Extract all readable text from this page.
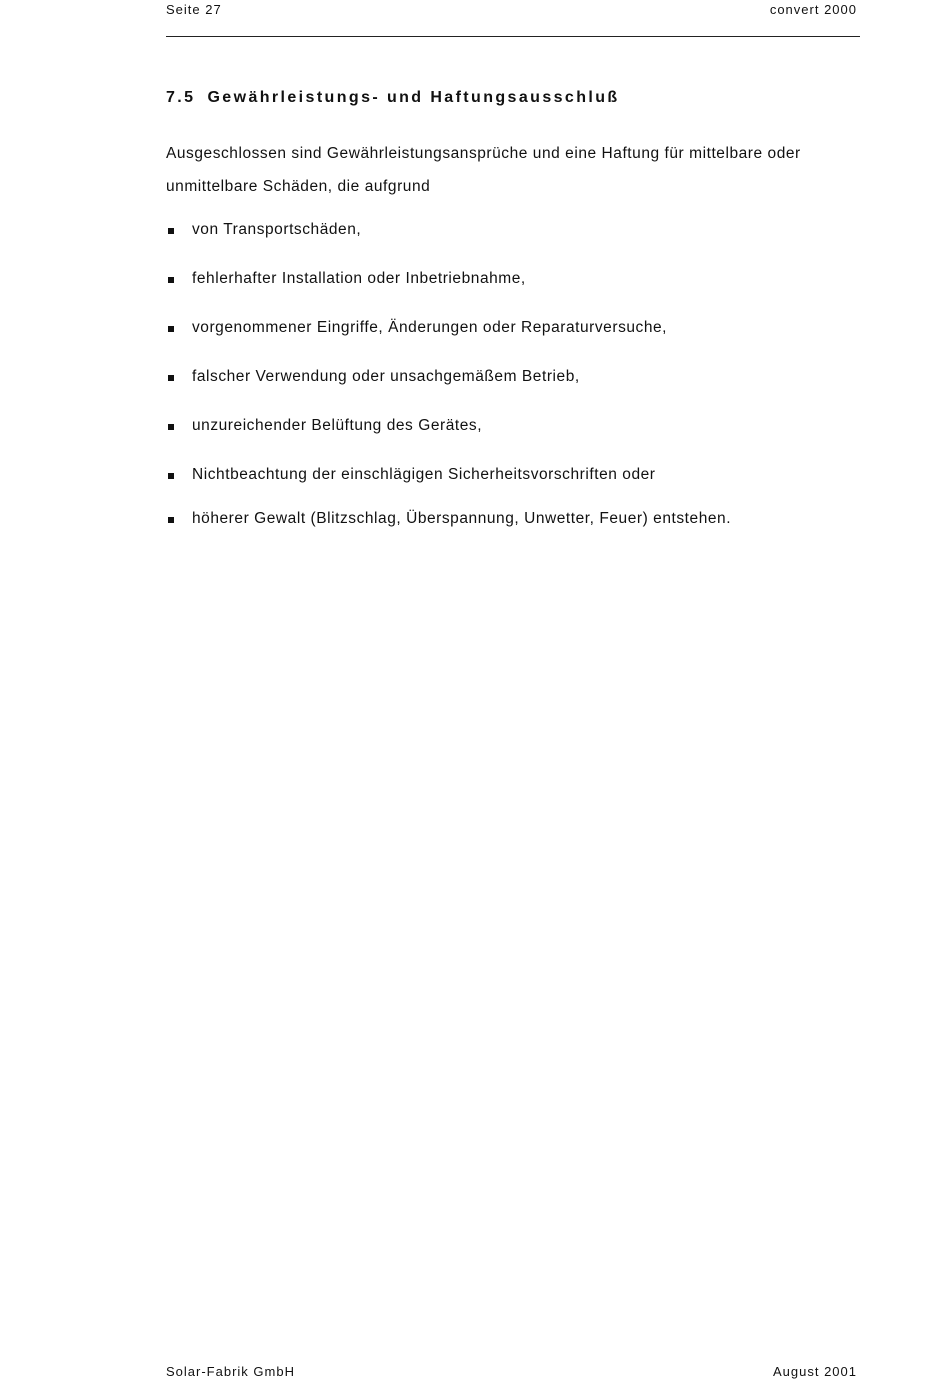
Seite 27	convert 2000
7.5 Gewährleistungs- und Haftungsausschluß

Ausgeschlossen sind Gewährleistungsansprüche und eine Haftung für mittelbare oder unmittelbare Schäden, die aufgrund

von Transportschäden,
fehlerhafter Installation oder Inbetriebnahme,
vorgenommener Eingriffe, Änderungen oder Reparaturversuche,
falscher Verwendung oder unsachgemäßem Betrieb,
unzureichender Belüftung des Gerätes,
Nichtbeachtung der einschlägigen Sicherheitsvorschriften oder
höherer Gewalt (Blitzschlag, Überspannung, Unwetter, Feuer) entstehen.
Solar-Fabrik GmbH	August 2001
